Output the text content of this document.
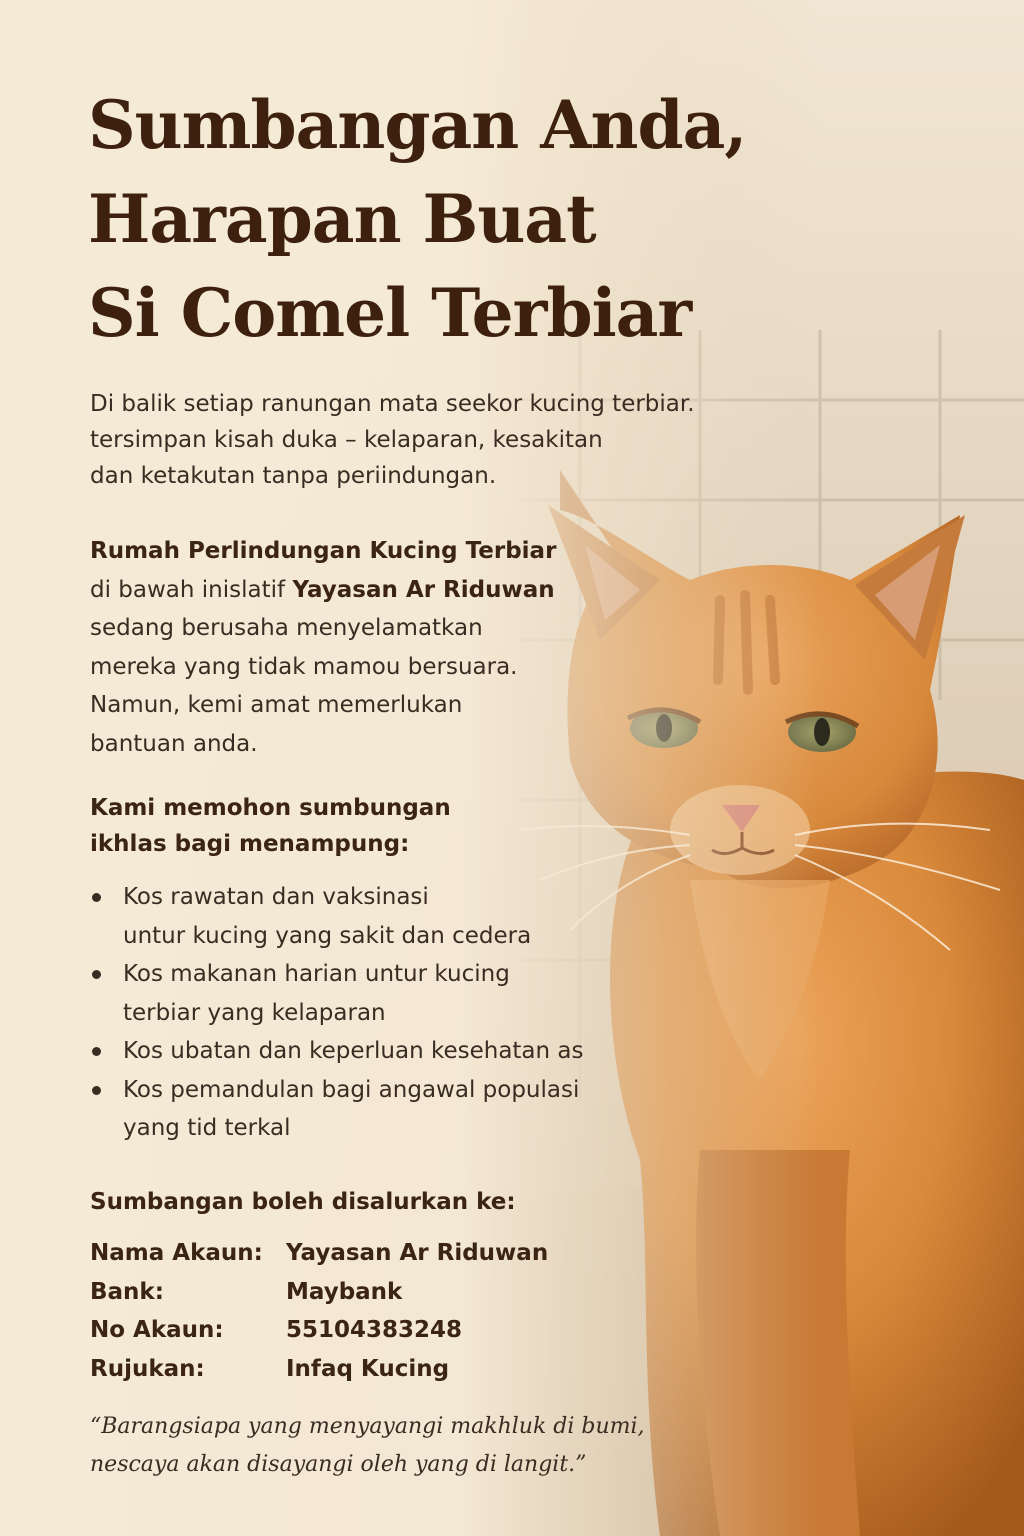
Sumbangan Anda,
Harapan Buat
Si Comel Terbiar

Di balik setiap ranungan mata seekor kucing terbiar.
tersimpan kisah duka – kelaparan, kesakitan
dan ketakutan tanpa periindungan.

Rumah Perlindungan Kucing Terbiar
di bawah inislatif Yayasan Ar Riduwan
sedang berusaha menyelamatkan
mereka yang tidak mamou bersuara.
Namun, kemi amat memerlukan
bantuan anda.

Kami memohon sumbungan
ikhlas bagi menampung:

Kos rawatan dan vaksinasi
untur kucing yang sakit dan cedera
Kos makanan harian untur kucing
terbiar yang kelaparan
Kos ubatan dan keperluan kesehatan as
Kos pemandulan bagi angawal populasi
yang tid terkal

Sumbangan boleh disalurkan ke:

Nama Akaun:	Yayasan Ar Riduwan
Bank:	Maybank
No Akaun:	55104383248
Rujukan:	Infaq Kucing

“Barangsiapa yang menyayangi makhluk di bumi,
nescaya akan disayangi oleh yang di langit.”
